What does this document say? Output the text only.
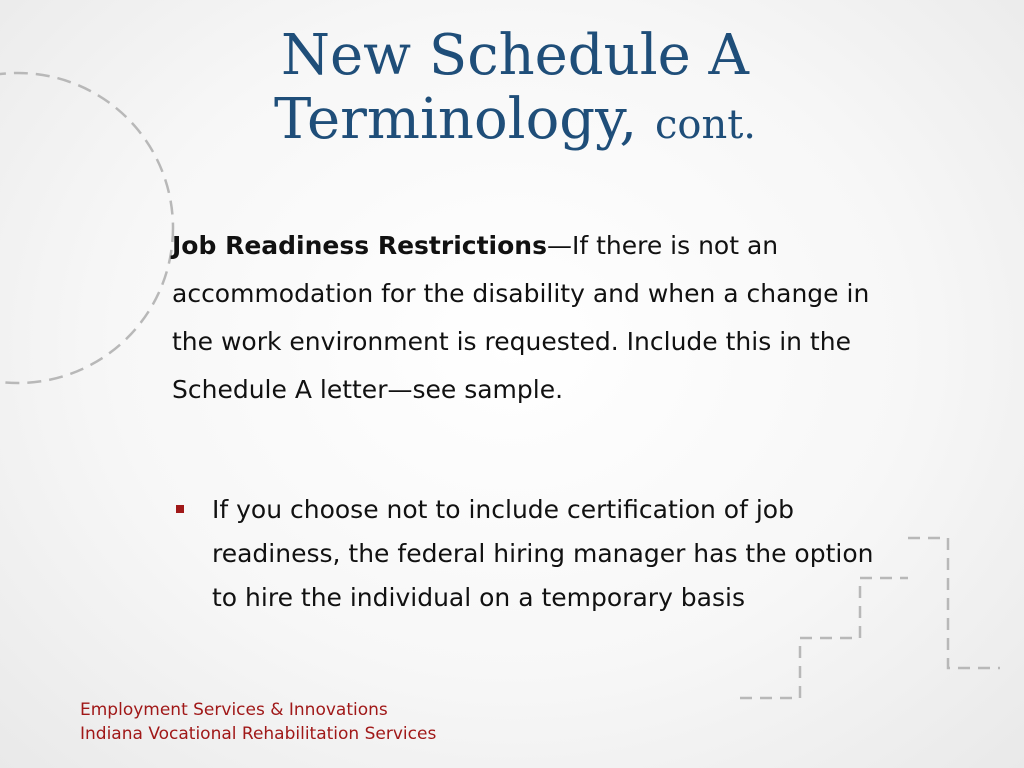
New Schedule A
Terminology, cont.

Job Readiness Restrictions—If there is not an accommodation for the disability and when a change in the work environment is requested. Include this in the Schedule A letter—see sample.

If you choose not to include certification of job readiness, the federal hiring manager has the option to hire the individual on a temporary basis

Employment Services & Innovations
Indiana Vocational Rehabilitation Services
